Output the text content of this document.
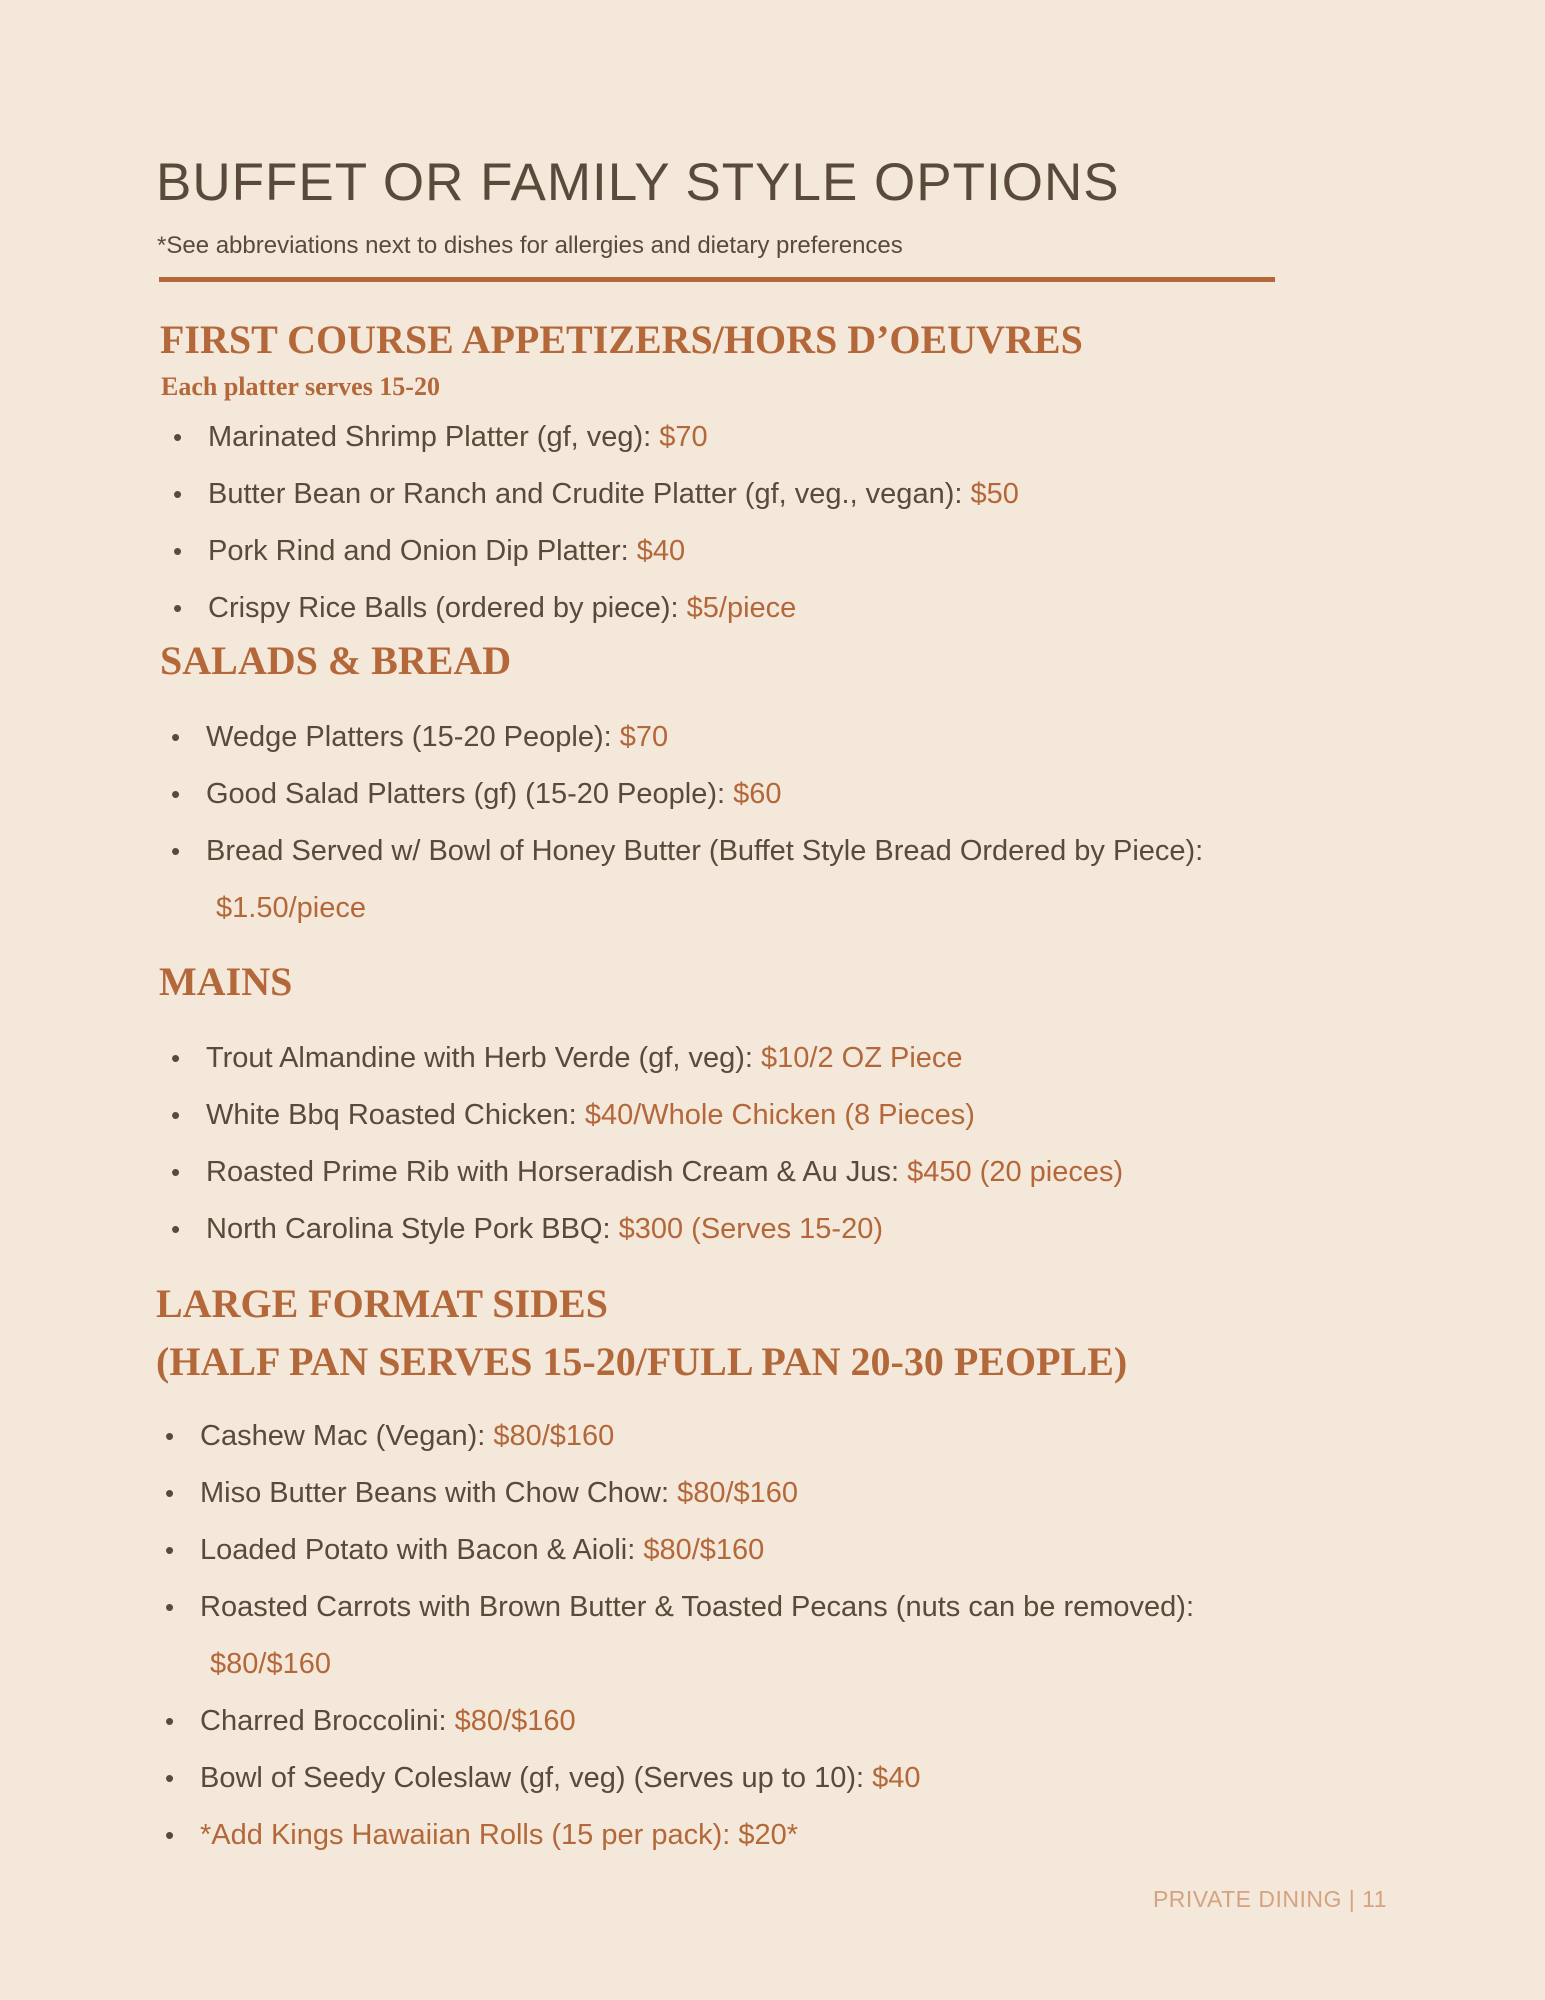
BUFFET OR FAMILY STYLE OPTIONS

*See abbreviations next to dishes for allergies and dietary preferences

FIRST COURSE APPETIZERS/HORS D’OEUVRES

Each platter serves 15-20

• Marinated Shrimp Platter (gf, veg): $70
• Butter Bean or Ranch and Crudite Platter (gf, veg., vegan): $50
• Pork Rind and Onion Dip Platter: $40
• Crispy Rice Balls (ordered by piece): $5/piece
SALADS & BREAD
• Wedge Platters (15-20 People): $70
• Good Salad Platters (gf) (15-20 People): $60
• Bread Served w/ Bowl of Honey Butter (Buffet Style Bread Ordered by Piece):
$1.50/piece
MAINS
• Trout Almandine with Herb Verde (gf, veg): $10/2 OZ Piece
• White Bbq Roasted Chicken: $40/Whole Chicken (8 Pieces)
• Roasted Prime Rib with Horseradish Cream & Au Jus: $450 (20 pieces)
• North Carolina Style Pork BBQ: $300 (Serves 15-20)
LARGE FORMAT SIDES
(HALF PAN SERVES 15-20/FULL PAN 20-30 PEOPLE)
• Cashew Mac (Vegan): $80/$160
• Miso Butter Beans with Chow Chow: $80/$160
• Loaded Potato with Bacon & Aioli: $80/$160
• Roasted Carrots with Brown Butter & Toasted Pecans (nuts can be removed):
$80/$160
• Charred Broccolini: $80/$160
• Bowl of Seedy Coleslaw (gf, veg) (Serves up to 10): $40
• *Add Kings Hawaiian Rolls (15 per pack): $20*

PRIVATE DINING | 11
